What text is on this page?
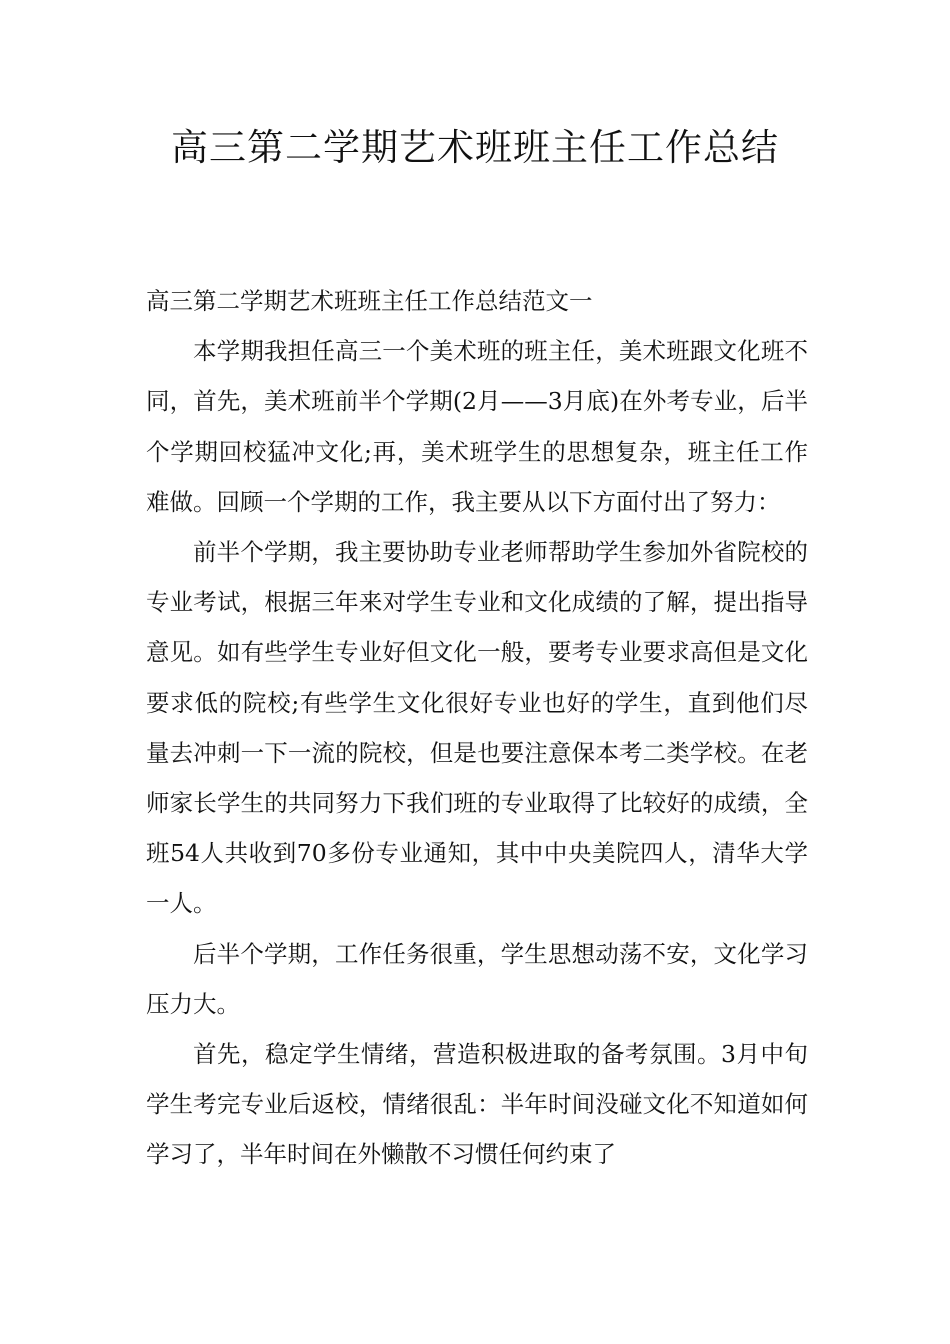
高三第二学期艺术班班主任工作总结

高三第二学期艺术班班主任工作总结范文一

本学期我担任高三一个美术班的班主任，美术班跟文化班不同，首先，美术班前半个学期(2月——3月底)在外考专业，后半个学期回校猛冲文化;再，美术班学生的思想复杂，班主任工作难做。回顾一个学期的工作，我主要从以下方面付出了努力：

前半个学期，我主要协助专业老师帮助学生参加外省院校的专业考试，根据三年来对学生专业和文化成绩的了解，提出指导意见。如有些学生专业好但文化一般，要考专业要求高但是文化要求低的院校;有些学生文化很好专业也好的学生，直到他们尽量去冲刺一下一流的院校，但是也要注意保本考二类学校。在老师家长学生的共同努力下我们班的专业取得了比较好的成绩，全班54人共收到70多份专业通知，其中中央美院四人，清华大学一人。

后半个学期，工作任务很重，学生思想动荡不安，文化学习压力大。

首先，稳定学生情绪，营造积极进取的备考氛围。3月中旬学生考完专业后返校，情绪很乱：半年时间没碰文化不知道如何学习了，半年时间在外懒散不习惯任何约束了
